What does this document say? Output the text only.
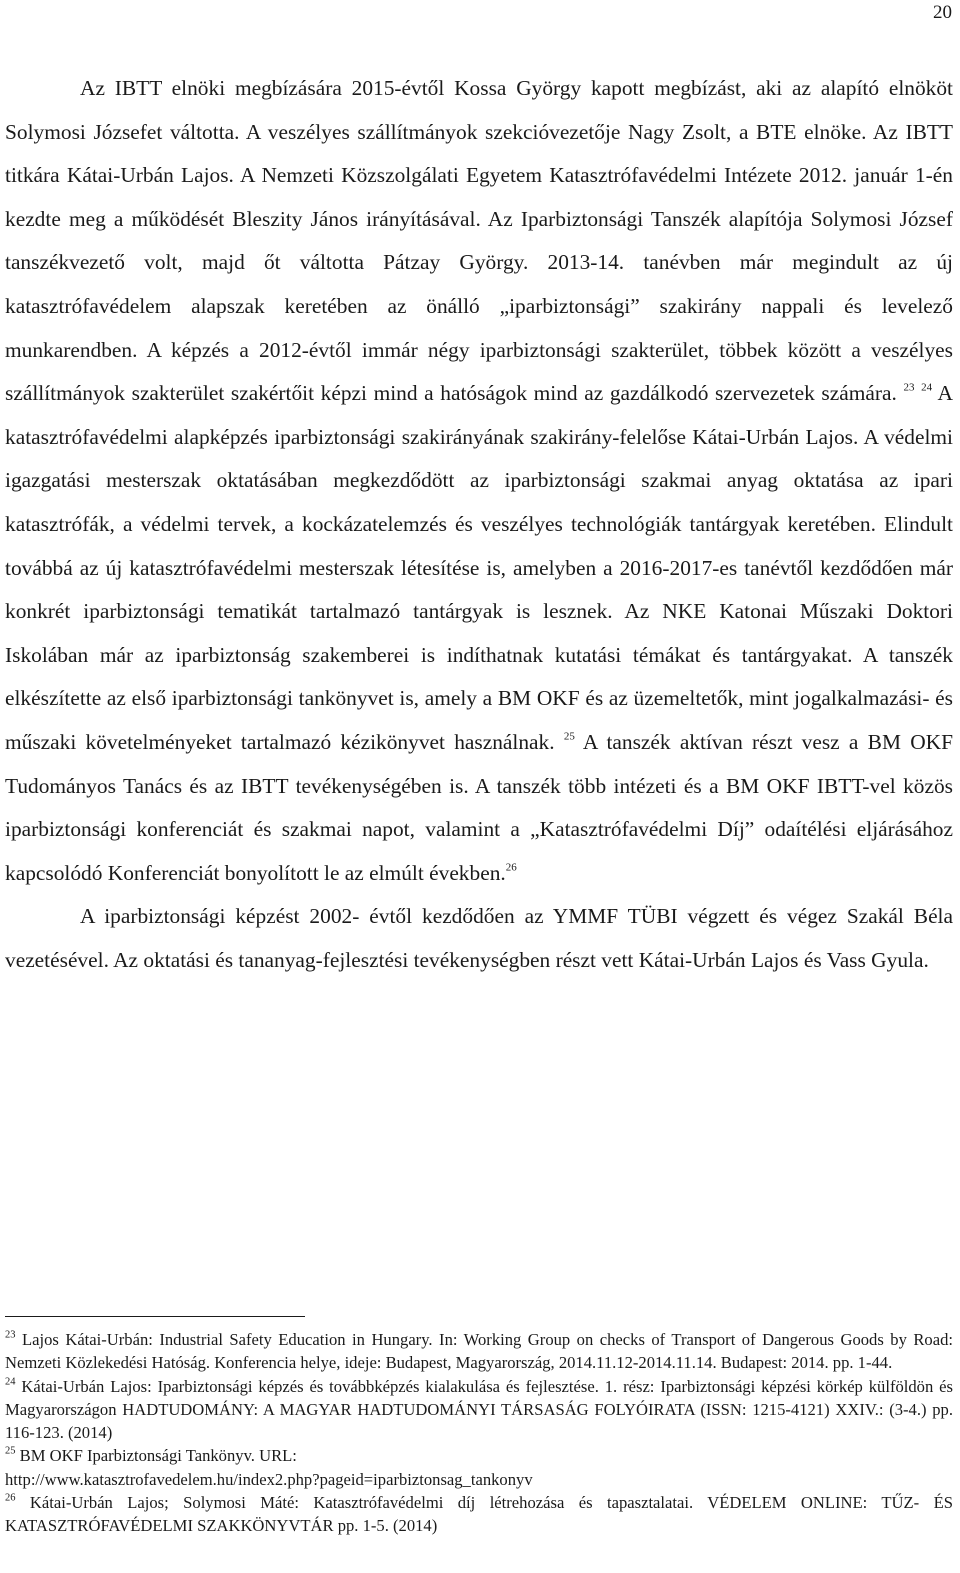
20

Az IBTT elnöki megbízására 2015-évtől Kossa György kapott megbízást, aki az alapító elnököt Solymosi Józsefet váltotta. A veszélyes szállítmányok szekcióvezetője Nagy Zsolt, a BTE elnöke. Az IBTT titkára Kátai-Urbán Lajos. A Nemzeti Közszolgálati Egyetem Katasztrófavédelmi Intézete 2012. január 1-én kezdte meg a működését Bleszity János irányításával. Az Iparbiztonsági Tanszék alapítója Solymosi József tanszékvezető volt, majd őt váltotta Pátzay György. 2013-14. tanévben már megindult az új katasztrófavédelem alapszak keretében az önálló „iparbiztonsági” szakirány nappali és levelező munkarendben. A képzés a 2012-évtől immár négy iparbiztonsági szakterület, többek között a veszélyes szállítmányok szakterület szakértőit képzi mind a hatóságok mind az gazdálkodó szervezetek számára. $^{23}$ $^{24}$ A katasztrófavédelmi alapképzés iparbiztonsági szakirányának szakirány-felelőse Kátai-Urbán Lajos. A védelmi igazgatási mesterszak oktatásában megkezdődött az iparbiztonsági szakmai anyag oktatása az ipari katasztrófák, a védelmi tervek, a kockázatelemzés és veszélyes technológiák tantárgyak keretében. Elindult továbbá az új katasztrófavédelmi mesterszak létesítése is, amelyben a 2016-2017-es tanévtől kezdődően már konkrét iparbiztonsági tematikát tartalmazó tantárgyak is lesznek. Az NKE Katonai Műszaki Doktori Iskolában már az iparbiztonság szakemberei is indíthatnak kutatási témákat és tantárgyakat. A tanszék elkészítette az első iparbiztonsági tankönyvet is, amely a BM OKF és az üzemeltetők, mint jogalkalmazási- és műszaki követelményeket tartalmazó kézikönyvet használnak. $^{25}$ A tanszék aktívan részt vesz a BM OKF Tudományos Tanács és az IBTT tevékenységében is. A tanszék több intézeti és a BM OKF IBTT-vel közös iparbiztonsági konferenciát és szakmai napot, valamint a „Katasztrófavédelmi Díj” odaítélési eljárásához kapcsolódó Konferenciát bonyolított le az elmúlt években.$^{26}$

A iparbiztonsági képzést 2002- évtől kezdődően az YMMF TÜBI végzett és végez Szakál Béla vezetésével. Az oktatási és tananyag-fejlesztési tevékenységben részt vett Kátai-Urbán Lajos és Vass Gyula.

$^{23}$ Lajos Kátai-Urbán: Industrial Safety Education in Hungary. In: Working Group on checks of Transport of Dangerous Goods by Road: Nemzeti Közlekedési Hatóság. Konferencia helye, ideje: Budapest, Magyarország, 2014.11.12-2014.11.14. Budapest: 2014. pp. 1-44.

$^{24}$ Kátai-Urbán Lajos: Iparbiztonsági képzés és továbbképzés kialakulása és fejlesztése. 1. rész: Iparbiztonsági képzési körkép külföldön és Magyarországon HADTUDOMÁNY: A MAGYAR HADTUDOMÁNYI TÁRSASÁG FOLYÓIRATA (ISSN: 1215-4121) XXIV.: (3-4.) pp. 116-123. (2014)

$^{25}$ BM OKF Iparbiztonsági Tankönyv. URL:
http://www.katasztrofavedelem.hu/index2.php?pageid=iparbiztonsag_tankonyv

$^{26}$ Kátai-Urbán Lajos; Solymosi Máté: Katasztrófavédelmi díj létrehozása és tapasztalatai. VÉDELEM ONLINE: TŰZ- ÉS KATASZTRÓFAVÉDELMI SZAKKÖNYVTÁR pp. 1-5. (2014)
